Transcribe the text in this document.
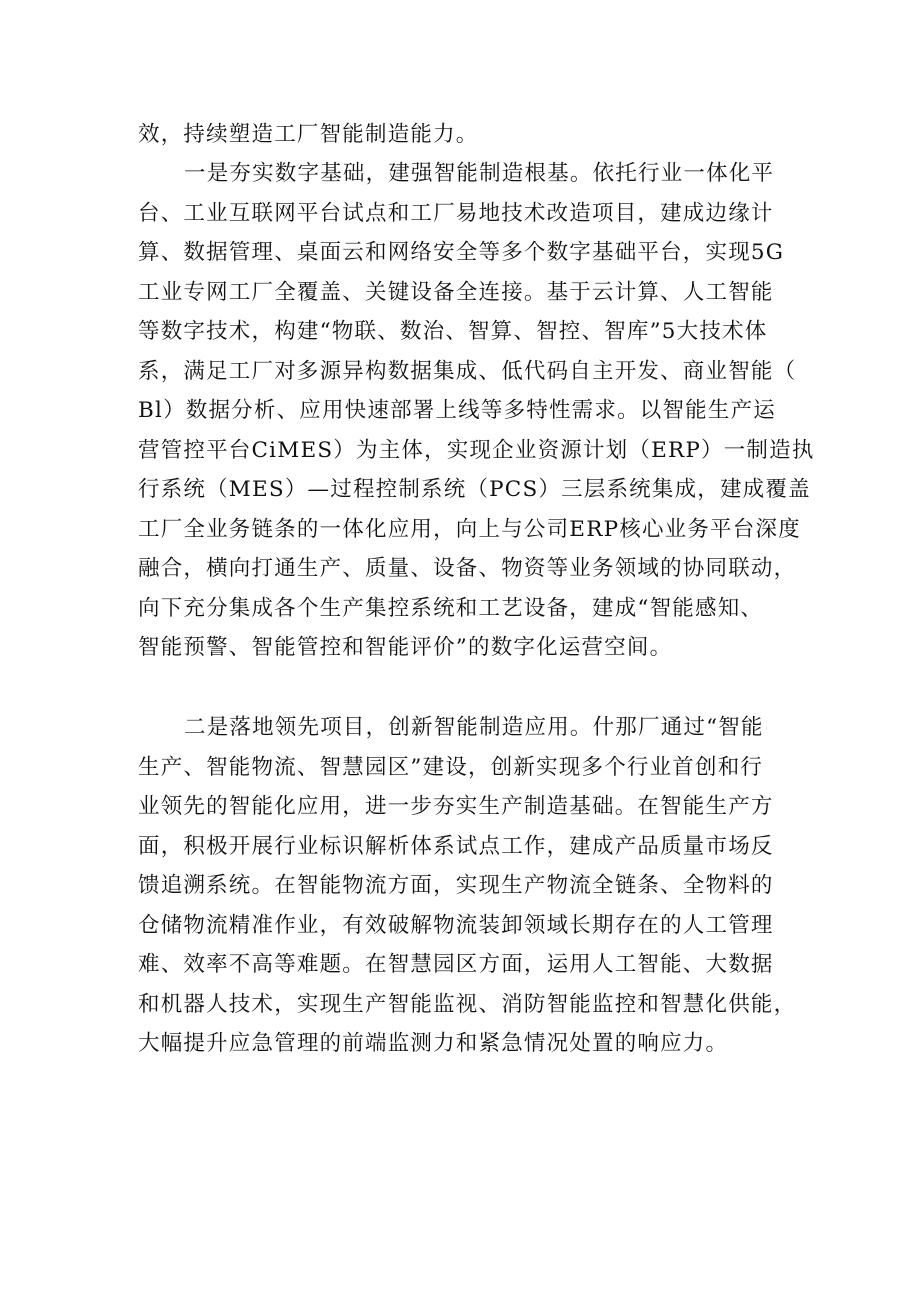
效，持续塑造工厂智能制造能力。
一是夯实数字基础，建强智能制造根基。依托行业一体化平
台、工业互联网平台试点和工厂易地技术改造项目，建成边缘计
算、数据管理、桌面云和网络安全等多个数字基础平台，实现5G
工业专网工厂全覆盖、关键设备全连接。基于云计算、人工智能
等数字技术，构建“物联、数治、智算、智控、智库”5大技术体
系，满足工厂对多源异构数据集成、低代码自主开发、商业智能（
Bl）数据分析、应用快速部署上线等多特性需求。以智能生产运
营管控平台CiMES）为主体，实现企业资源计划（ERP）一制造执
行系统（MES）—过程控制系统（PCS）三层系统集成，建成覆盖
工厂全业务链条的一体化应用，向上与公司ERP核心业务平台深度
融合，横向打通生产、质量、设备、物资等业务领域的协同联动，
向下充分集成各个生产集控系统和工艺设备，建成“智能感知、
智能预警、智能管控和智能评价”的数字化运营空间。
二是落地领先项目，创新智能制造应用。什那厂通过“智能
生产、智能物流、智慧园区”建设，创新实现多个行业首创和行
业领先的智能化应用，进一步夯实生产制造基础。在智能生产方
面，积极开展行业标识解析体系试点工作，建成产品质量市场反
馈追溯系统。在智能物流方面，实现生产物流全链条、全物料的
仓储物流精准作业，有效破解物流装卸领域长期存在的人工管理
难、效率不高等难题。在智慧园区方面，运用人工智能、大数据
和机器人技术，实现生产智能监视、消防智能监控和智慧化供能，
大幅提升应急管理的前端监测力和紧急情况处置的响应力。
